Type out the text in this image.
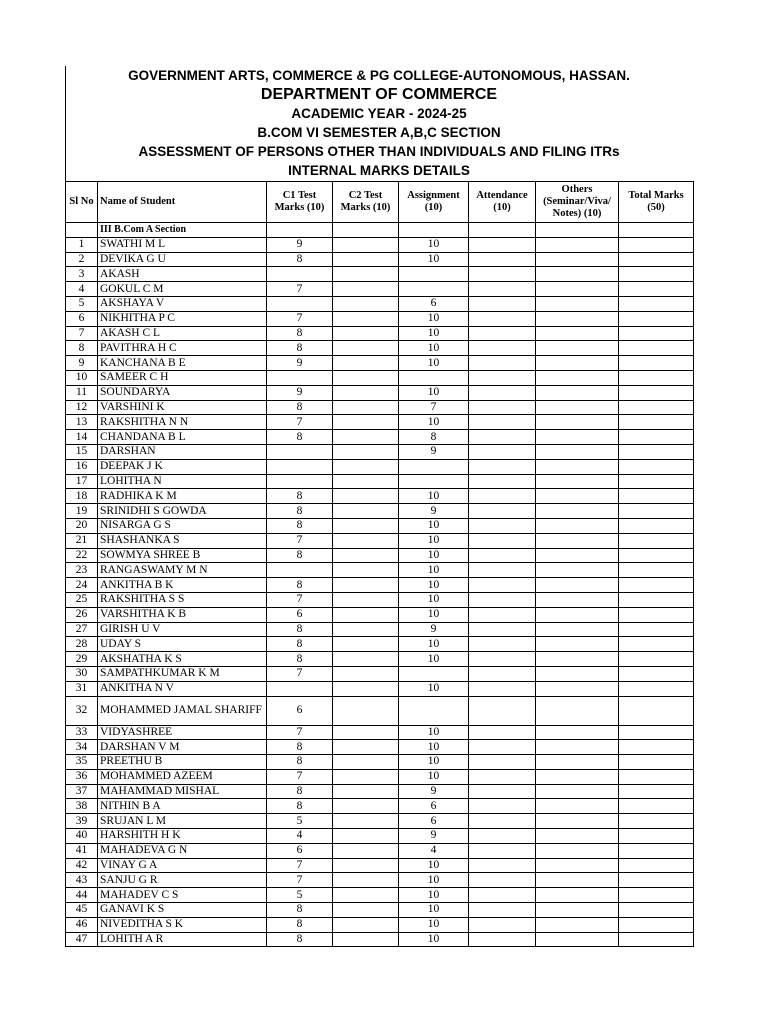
GOVERNMENT ARTS, COMMERCE & PG COLLEGE-AUTONOMOUS, HASSAN.
DEPARTMENT OF COMMERCE
ACADEMIC YEAR - 2024-25
B.COM VI SEMESTER A,B,C SECTION
ASSESSMENT OF PERSONS OTHER THAN INDIVIDUALS AND FILING ITRs
INTERNAL MARKS DETAILS
Sl No	Name of Student	C1 Test Marks (10)	C2 Test Marks (10)	Assignment (10)	Attendance (10)	Others (Seminar/Viva/ Notes) (10)	Total Marks (50)
	III B.Com A Section						
1	SWATHI M L	9		10			
2	DEVIKA G U	8		10			
3	AKASH						
4	GOKUL C M	7					
5	AKSHAYA V			6			
6	NIKHITHA P C	7		10			
7	AKASH C L	8		10			
8	PAVITHRA H C	8		10			
9	KANCHANA B E	9		10			
10	SAMEER C H						
11	SOUNDARYA	9		10			
12	VARSHINI K	8		7			
13	RAKSHITHA N N	7		10			
14	CHANDANA B L	8		8			
15	DARSHAN			9			
16	DEEPAK J K						
17	LOHITHA N						
18	RADHIKA K M	8		10			
19	SRINIDHI S GOWDA	8		9			
20	NISARGA G S	8		10			
21	SHASHANKA S	7		10			
22	SOWMYA SHREE B	8		10			
23	RANGASWAMY M N			10			
24	ANKITHA B K	8		10			
25	RAKSHITHA S S	7		10			
26	VARSHITHA K B	6		10			
27	GIRISH U V	8		9			
28	UDAY S	8		10			
29	AKSHATHA K S	8		10			
30	SAMPATHKUMAR K M	7					
31	ANKITHA N V			10			
32	MOHAMMED JAMAL SHARIFF	6					
33	VIDYASHREE	7		10			
34	DARSHAN V M	8		10			
35	PREETHU B	8		10			
36	MOHAMMED AZEEM	7		10			
37	MAHAMMAD MISHAL	8		9			
38	NITHIN B A	8		6			
39	SRUJAN L M	5		6			
40	HARSHITH H K	4		9			
41	MAHADEVA G N	6		4			
42	VINAY G A	7		10			
43	SANJU G R	7		10			
44	MAHADEV C S	5		10			
45	GANAVI K S	8		10			
46	NIVEDITHA S K	8		10			
47	LOHITH A R	8		10			
